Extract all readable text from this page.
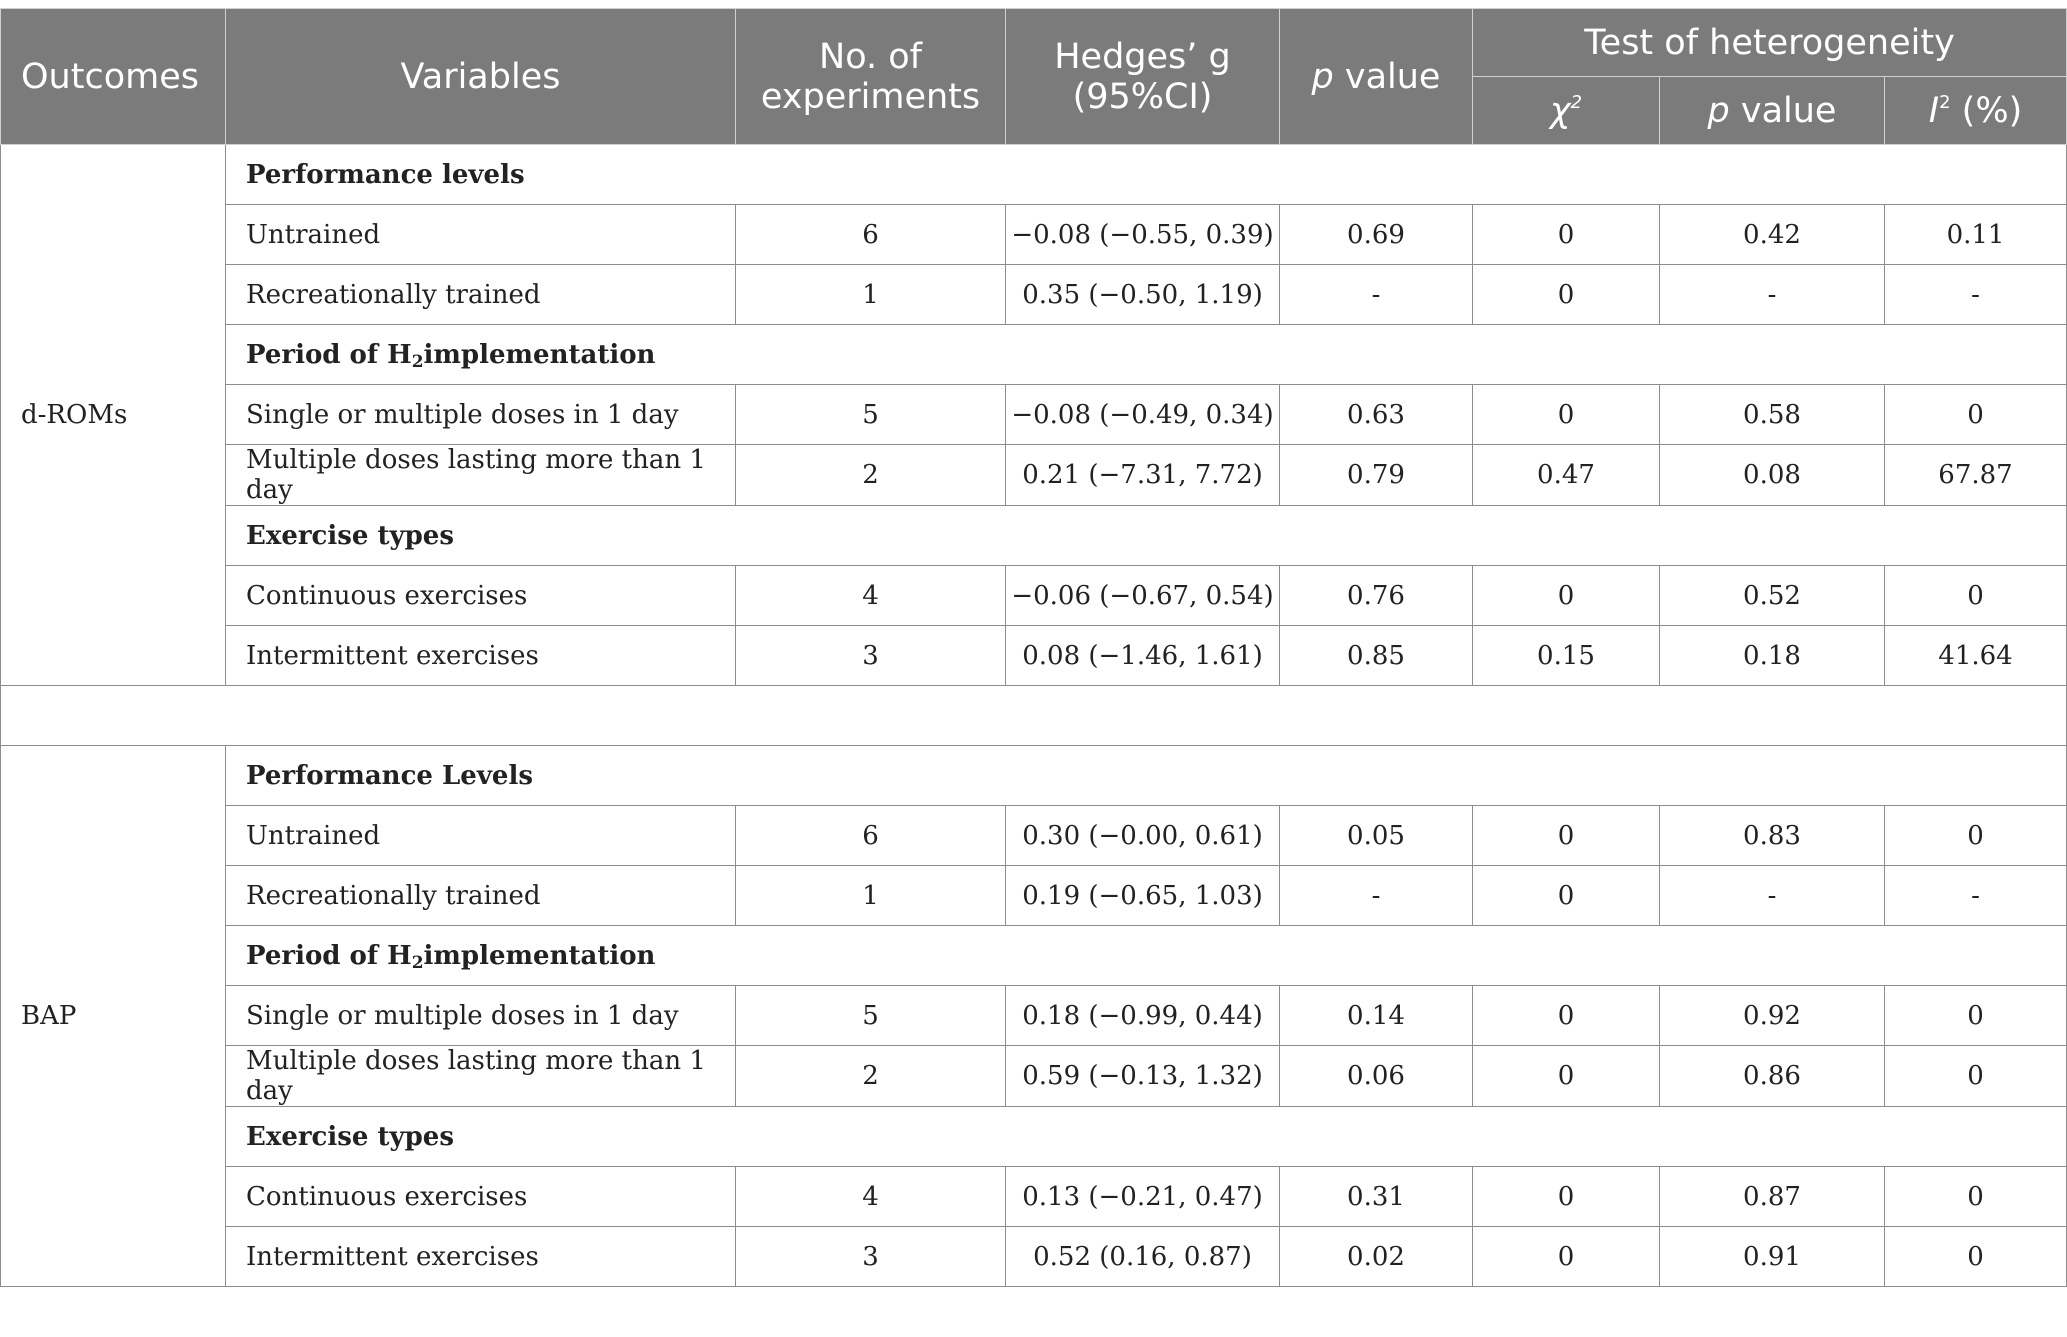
Outcomes	Variables	No. of experiments	Hedges’ g (95%CI)	p value	Test of heterogeneity		
					$\chi^2$	p value	$I^2$ (%)
d-ROMs	Performance levels						
	Untrained	6	−0.08 (−0.55, 0.39)	0.69	0	0.42	0.11
	Recreationally trained	1	0.35 (−0.50, 1.19)	-	0	-	-
	Period of $H_2implementation$						
	Single or multiple doses in 1 day	5	−0.08 (−0.49, 0.34)	0.63	0	0.58	0
	Multiple doses lasting more than 1 day	2	0.21 (−7.31, 7.72)	0.79	0.47	0.08	67.87
	Exercise types						
	Continuous exercises	4	−0.06 (−0.67, 0.54)	0.76	0	0.52	0
	Intermittent exercises	3	0.08 (−1.46, 1.61)	0.85	0.15	0.18	41.64

BAP	Performance Levels						
	Untrained	6	0.30 (−0.00, 0.61)	0.05	0	0.83	0
	Recreationally trained	1	0.19 (−0.65, 1.03)	-	0	-	-
	Period of $H_2implementation$						
	Single or multiple doses in 1 day	5	0.18 (−0.99, 0.44)	0.14	0	0.92	0
	Multiple doses lasting more than 1 day	2	0.59 (−0.13, 1.32)	0.06	0	0.86	0
	Exercise types						
	Continuous exercises	4	0.13 (−0.21, 0.47)	0.31	0	0.87	0
	Intermittent exercises	3	0.52 (0.16, 0.87)	0.02	0	0.91	0
